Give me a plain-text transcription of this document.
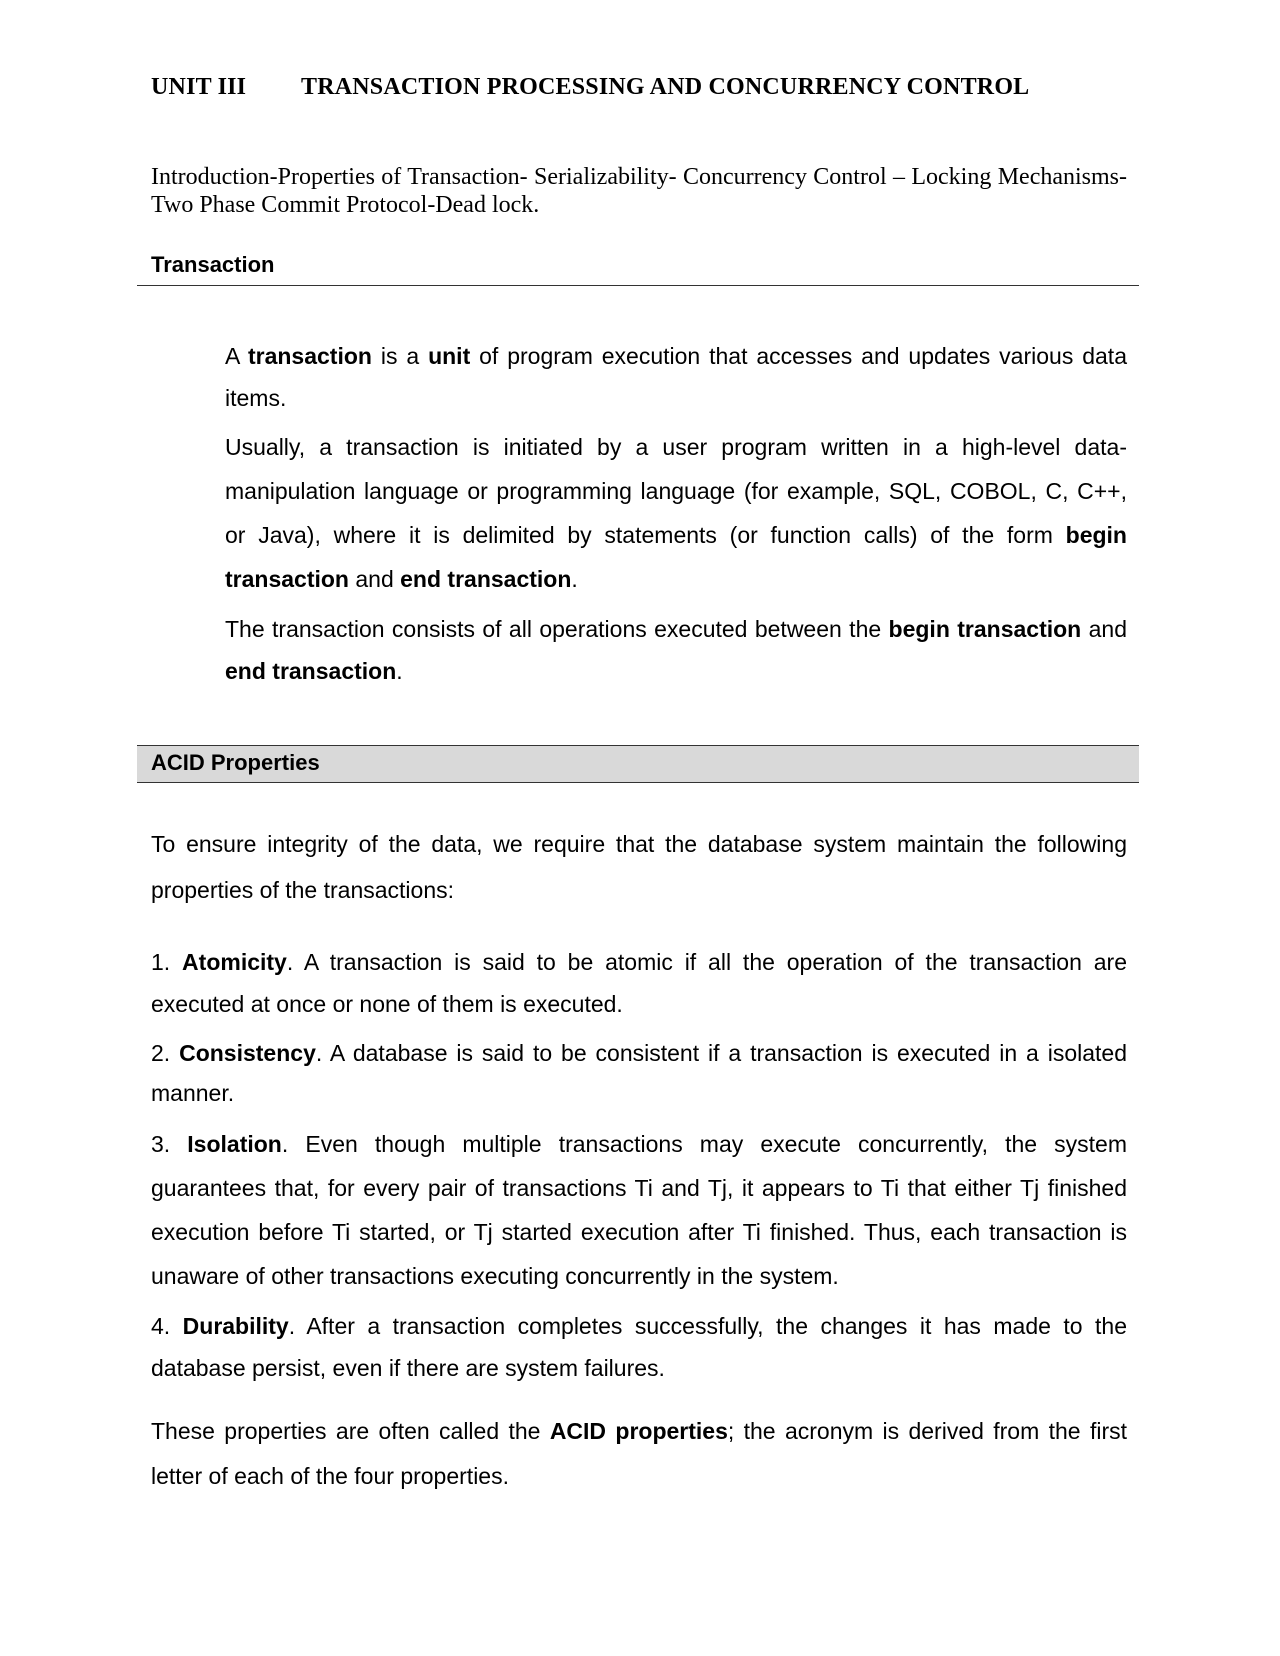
UNIT III TRANSACTION PROCESSING AND CONCURRENCY CONTROL
Introduction-Properties of Transaction- Serializability- Concurrency Control – Locking Mechanisms-Two Phase Commit Protocol-Dead lock.
Transaction
A transaction is a unit of program execution that accesses and updates various data items.
Usually, a transaction is initiated by a user program written in a high-level data-manipulation language or programming language (for example, SQL, COBOL, C, C++, or Java), where it is delimited by statements (or function calls) of the form begin transaction and end transaction.
The transaction consists of all operations executed between the begin transaction and end transaction.
ACID Properties
To ensure integrity of the data, we require that the database system maintain the following properties of the transactions:
1. Atomicity. A transaction is said to be atomic if all the operation of the transaction are executed at once or none of them is executed.
2. Consistency. A database is said to be consistent if a transaction is executed in a isolated manner.
3. Isolation. Even though multiple transactions may execute concurrently, the system guarantees that, for every pair of transactions Ti and Tj, it appears to Ti that either Tj finished execution before Ti started, or Tj started execution after Ti finished. Thus, each transaction is unaware of other transactions executing concurrently in the system.
4. Durability. After a transaction completes successfully, the changes it has made to the database persist, even if there are system failures.
These properties are often called the ACID properties; the acronym is derived from the first letter of each of the four properties.
